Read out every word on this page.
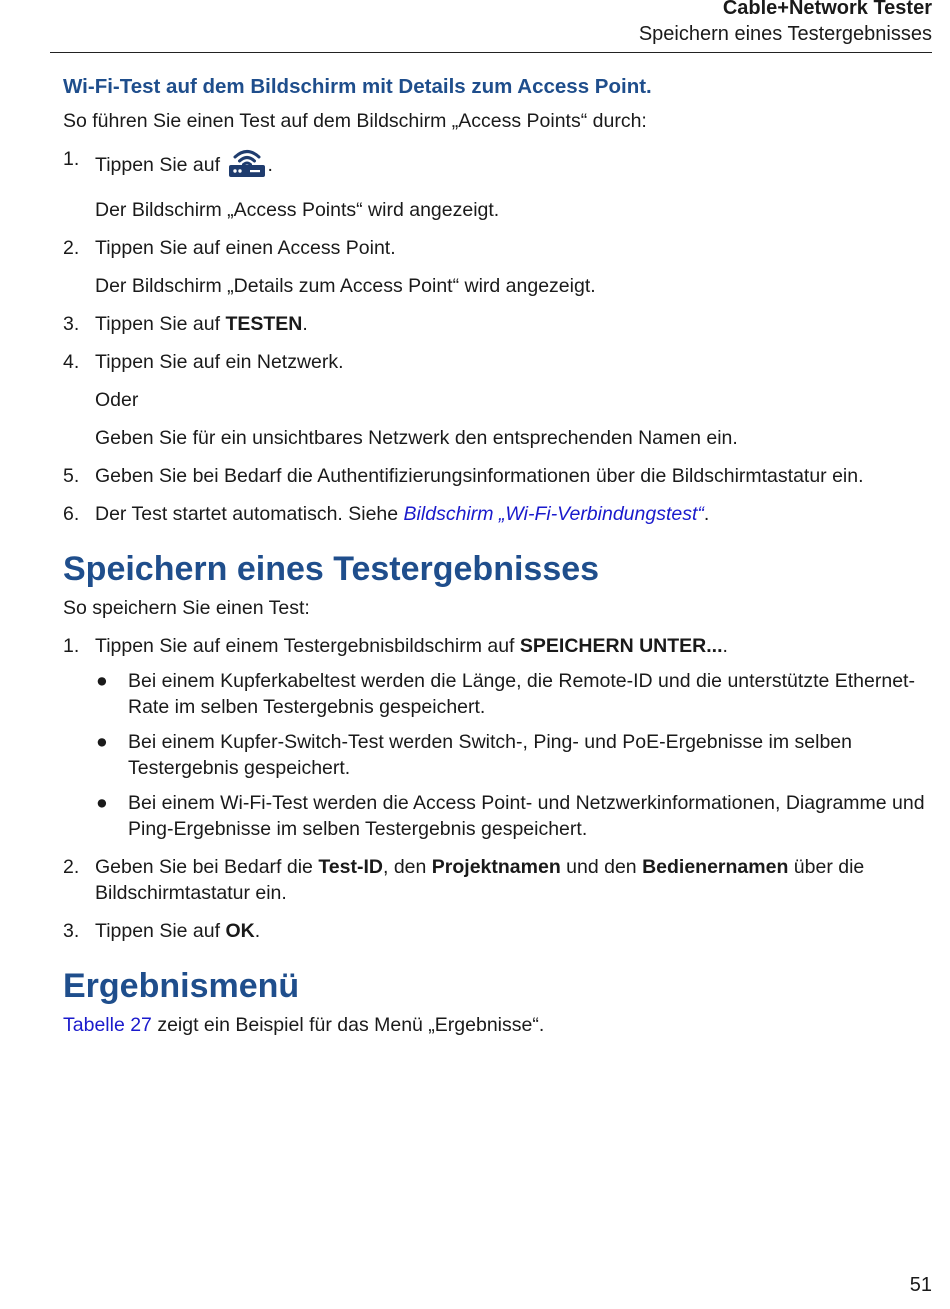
Cable+Network Tester
Speichern eines Testergebnisses
Wi-Fi-Test auf dem Bildschirm mit Details zum Access Point.

So führen Sie einen Test auf dem Bildschirm „Access Points“ durch:

1. Tippen Sie auf .
Der Bildschirm „Access Points“ wird angezeigt.
2. Tippen Sie auf einen Access Point.
Der Bildschirm „Details zum Access Point“ wird angezeigt.
3. Tippen Sie auf TESTEN.
4. Tippen Sie auf ein Netzwerk.
Oder
Geben Sie für ein unsichtbares Netzwerk den entsprechenden Namen ein.
5. Geben Sie bei Bedarf die Authentifizierungsinformationen über die Bildschirmtastatur ein.
6. Der Test startet automatisch. Siehe Bildschirm „Wi-Fi-Verbindungstest“.
Speichern eines Testergebnisses

So speichern Sie einen Test:

1. Tippen Sie auf einem Testergebnisbildschirm auf SPEICHERN UNTER....
● Bei einem Kupferkabeltest werden die Länge, die Remote-ID und die unterstützte Ethernet-Rate im selben Testergebnis gespeichert.
● Bei einem Kupfer-Switch-Test werden Switch-, Ping- und PoE-Ergebnisse im selben Testergebnis gespeichert.
● Bei einem Wi-Fi-Test werden die Access Point- und Netzwerkinformationen, Diagramme und Ping-Ergebnisse im selben Testergebnis gespeichert.
2. Geben Sie bei Bedarf die Test-ID, den Projektnamen und den Bedienernamen über die Bildschirmtastatur ein.
3. Tippen Sie auf OK.
Ergebnismenü

Tabelle 27 zeigt ein Beispiel für das Menü „Ergebnisse“.

51
